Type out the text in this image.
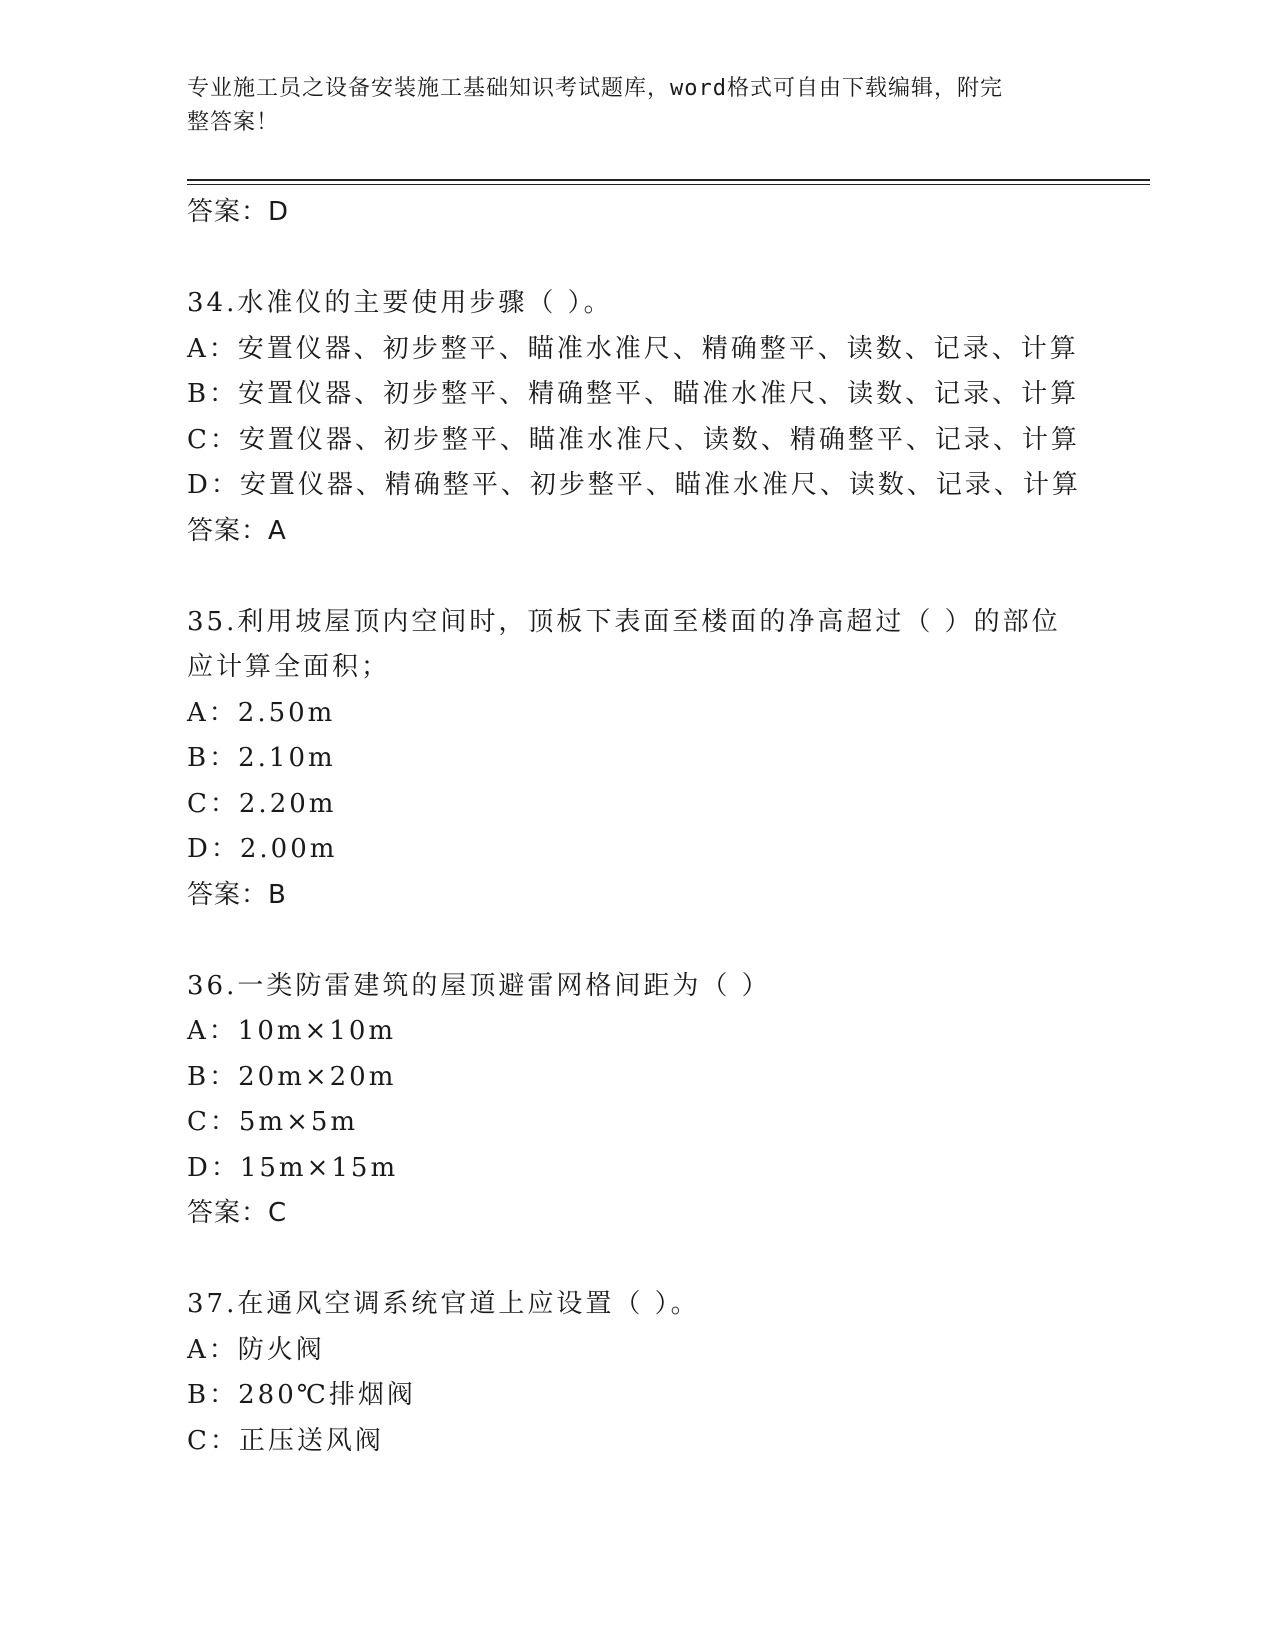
专业施工员之设备安装施工基础知识考试题库，word格式可自由下载编辑，附完
整答案！
答案：D
34.水准仪的主要使用步骤（ ）。
A：安置仪器、初步整平、瞄准水准尺、精确整平、读数、记录、计算
B：安置仪器、初步整平、精确整平、瞄准水准尺、读数、记录、计算
C：安置仪器、初步整平、瞄准水准尺、读数、精确整平、记录、计算
D：安置仪器、精确整平、初步整平、瞄准水准尺、读数、记录、计算
答案：A
35.利用坡屋顶内空间时，顶板下表面至楼面的净高超过（ ）的部位
应计算全面积；
A：2.50m
B：2.10m
C：2.20m
D：2.00m
答案：B
36.一类防雷建筑的屋顶避雷网格间距为（ ）
A：10m×10m
B：20m×20m
C：5m×5m
D：15m×15m
答案：C
37.在通风空调系统官道上应设置（ ）。
A：防火阀
B：280℃排烟阀
C：正压送风阀
